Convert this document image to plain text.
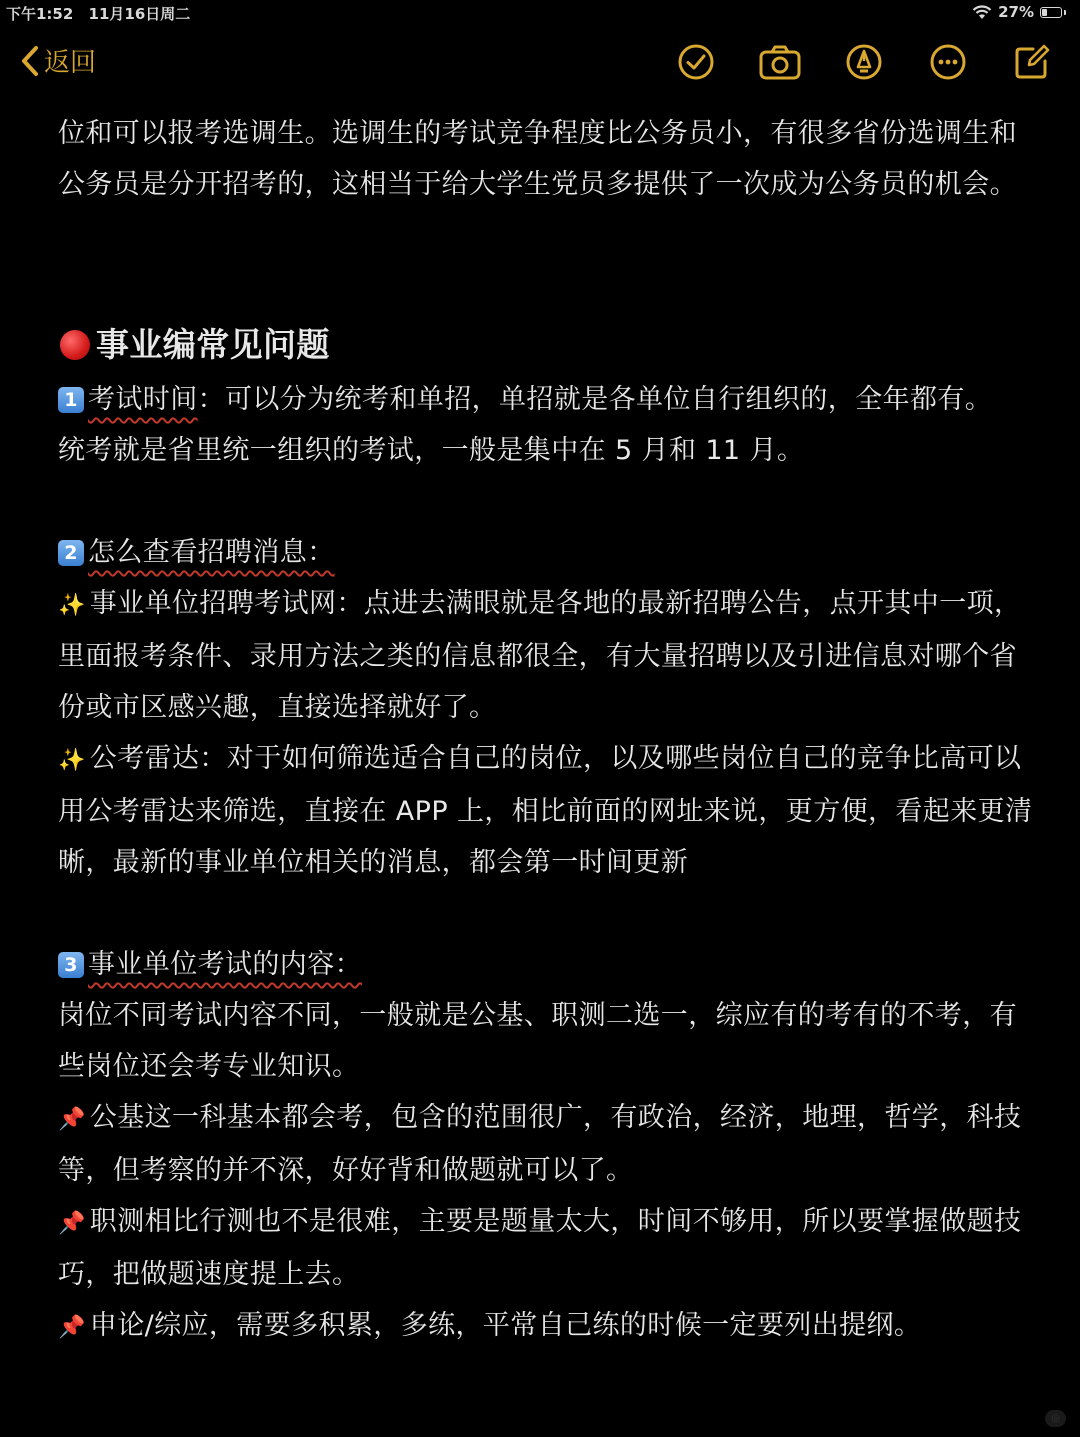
下午1:52 11月16日周二	27%
返回

位和可以报考选调生。选调生的考试竞争程度比公务员小，有很多省份选调生和公务员是分开招考的，这相当于给大学生党员多提供了一次成为公务员的机会。

事业编常见问题

1 考试时间：可以分为统考和单招，单招就是各单位自行组织的，全年都有。

统考就是省里统一组织的考试，一般是集中在 5 月和 11 月。

2 怎么查看招聘消息：

✨ 事业单位招聘考试网：点进去满眼就是各地的最新招聘公告，点开其中一项，里面报考条件、录用方法之类的信息都很全，有大量招聘以及引进信息对哪个省份或市区感兴趣，直接选择就好了。

✨ 公考雷达：对于如何筛选适合自己的岗位，以及哪些岗位自己的竞争比高可以用公考雷达来筛选，直接在 APP 上，相比前面的网址来说，更方便，看起来更清晰，最新的事业单位相关的消息，都会第一时间更新

3 事业单位考试的内容：

岗位不同考试内容不同，一般就是公基、职测二选一，综应有的考有的不考，有些岗位还会考专业知识。

📌 公基这一科基本都会考，包含的范围很广，有政治，经济，地理，哲学，科技等，但考察的并不深，好好背和做题就可以了。

📌 职测相比行测也不是很难，主要是题量太大，时间不够用，所以要掌握做题技巧，把做题速度提上去。

📌 申论/综应，需要多积累，多练，平常自己练的时候一定要列出提纲。

◎
